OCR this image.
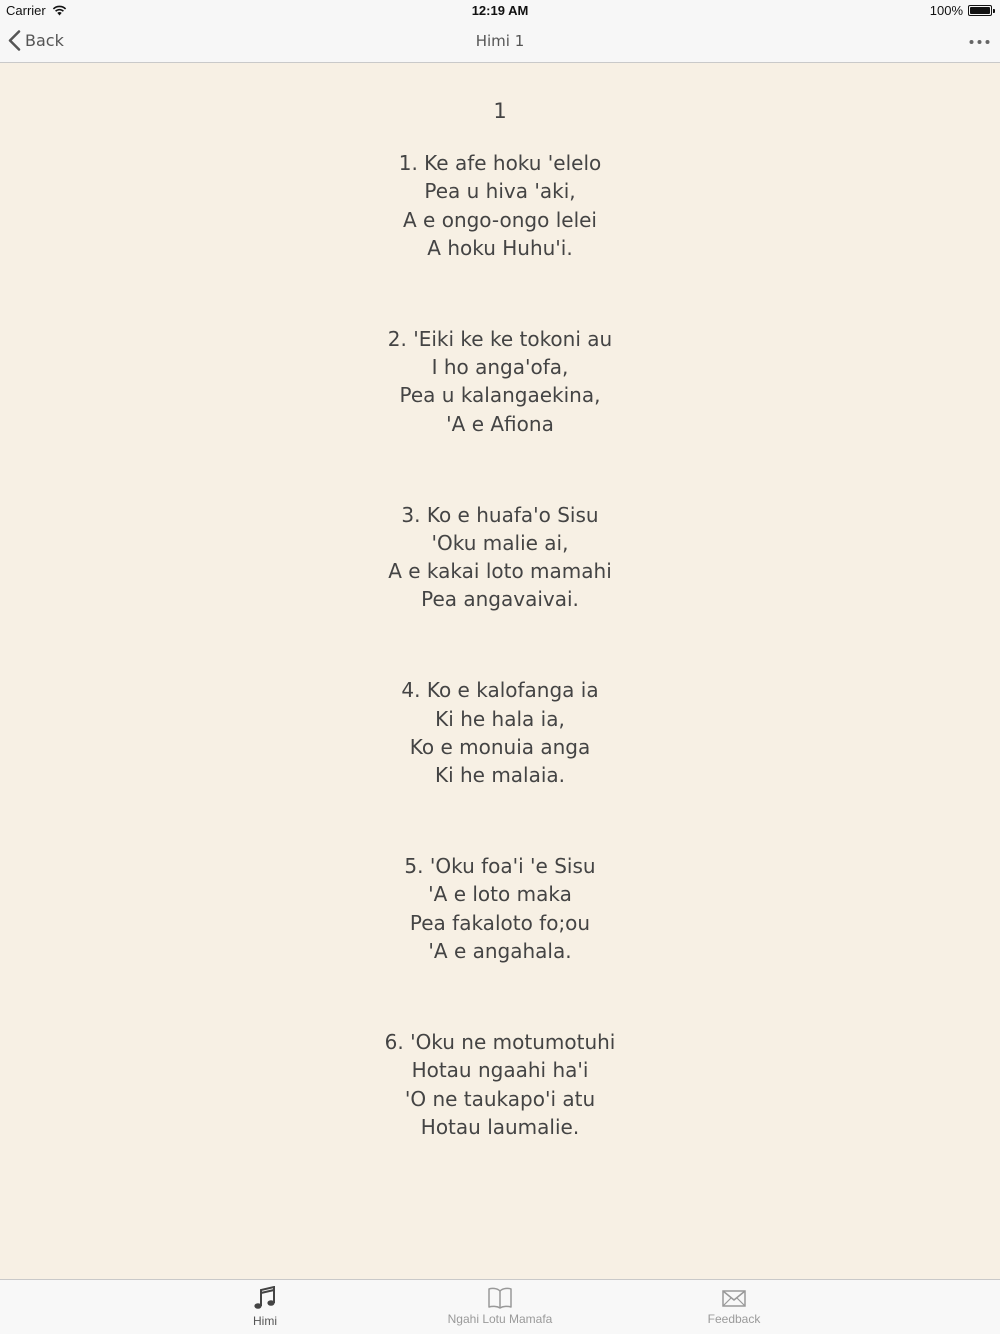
Carrier	12:19 AM	100%
Back	Himi 1
1
1. Ke afe hoku 'elelo
Pea u hiva 'aki,
A e ongo-ongo lelei
A hoku Huhu'i.
2. 'Eiki ke ke tokoni au
I ho anga'ofa,
Pea u kalangaekina,
'A e Afiona
3. Ko e huafa'o Sisu
'Oku malie ai,
A e kakai loto mamahi
Pea angavaivai.
4. Ko e kalofanga ia
Ki he hala ia,
Ko e monuia anga
Ki he malaia.
5. 'Oku foa'i 'e Sisu
'A e loto maka
Pea fakaloto fo;ou
'A e angahala.
6. 'Oku ne motumotuhi
Hotau ngaahi ha'i
'O ne taukapo'i atu
Hotau laumalie.
Himi	Ngahi Lotu Mamafa	Feedback
